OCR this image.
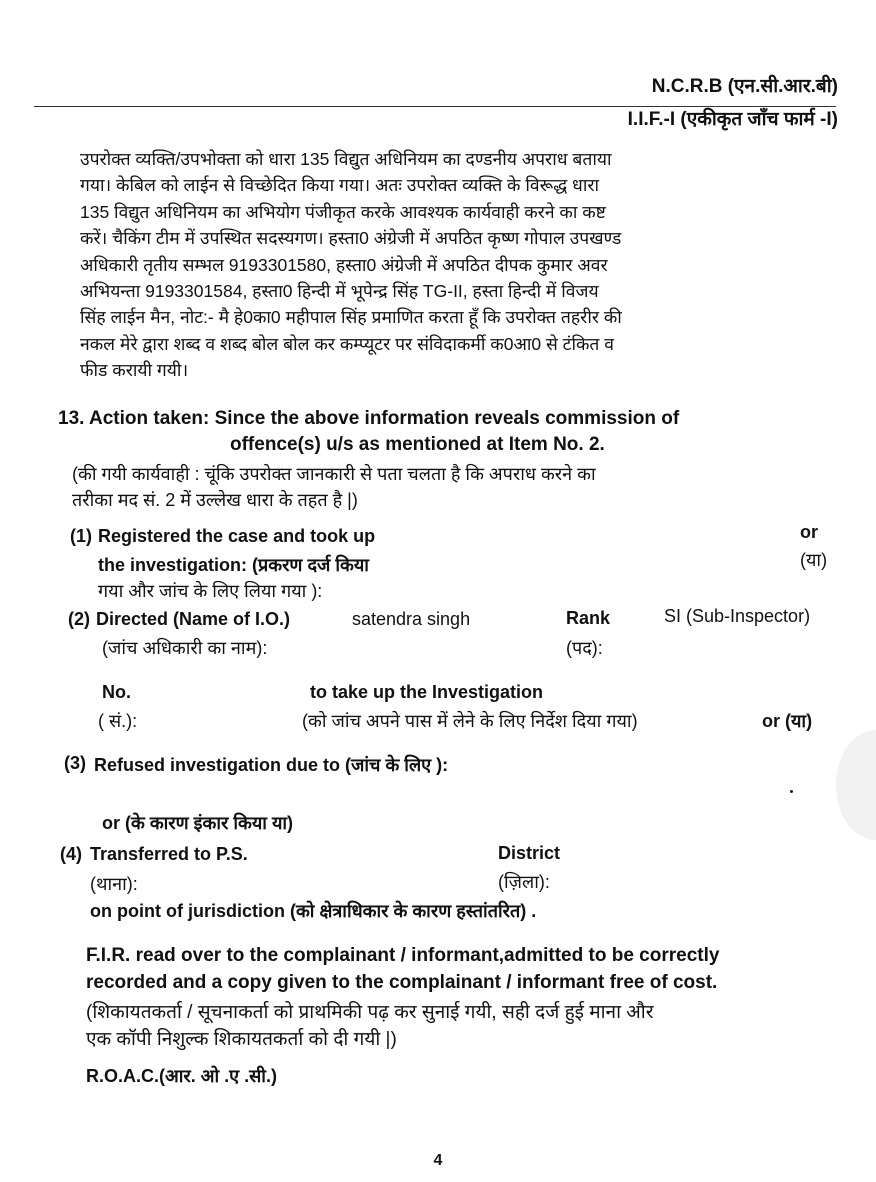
N.C.R.B (एन.सी.आर.बी)
I.I.F.-I (एकीकृत जाँच फार्म -I)
उपरोक्त व्यक्ति/उपभोक्ता को धारा 135 विद्युत अधिनियम का दण्डनीय अपराध बताया
गया। केबिल को लाईन से विच्छेदित किया गया। अतः उपरोक्त व्यक्ति के विरूद्ध धारा
135 विद्युत अधिनियम का अभियोग पंजीकृत करके आवश्यक कार्यवाही करने का कष्ट
करें। चैकिंग टीम में उपस्थित सदस्यगण। हस्ता0 अंग्रेजी में अपठित कृष्ण गोपाल उपखण्ड
अधिकारी तृतीय सम्भल 9193301580, हस्ता0 अंग्रेजी में अपठित दीपक कुमार अवर
अभियन्ता 9193301584, हस्ता0 हिन्दी में भूपेन्द्र सिंह TG-II, हस्ता हिन्दी में विजय
सिंह लाईन मैन, नोट:- मै हे0का0 महीपाल सिंह प्रमाणित करता हूँ कि उपरोक्त तहरीर की
नकल मेरे द्वारा शब्द व शब्द बोल बोल कर कम्प्यूटर पर संविदाकर्मी क0आ0 से टंकित व
फीड करायी गयी।
13. Action taken: Since the above information reveals commission of
offence(s) u/s as mentioned at Item No. 2.
(की गयी कार्यवाही : चूंकि उपरोक्त जानकारी से पता चलता है कि अपराध करने का
तरीका मद सं. 2 में उल्लेख धारा के तहत है |)
(1) Registered the case and took up
the investigation: (प्रकरण दर्ज किया
गया और जांच के लिए लिया गया ):
or
(या)
(2) Directed (Name of I.O.)	satendra singh	Rank	SI (Sub-Inspector)
(जांच अधिकारी का नाम):	(पद):
No.	to take up the Investigation
( सं.):	(को जांच अपने पास में लेने के लिए निर्देश दिया गया)	or (या)
(3) Refused investigation due to (जांच के लिए ):
or (के कारण इंकार किया या)
(4) Transferred to P.S.	District
(थाना):	(ज़िला):
on point of jurisdiction (को क्षेत्राधिकार के कारण हस्तांतरित) .
F.I.R. read over to the complainant / informant,admitted to be correctly
recorded and a copy given to the complainant / informant free of cost.
(शिकायतकर्ता / सूचनाकर्ता को प्राथमिकी पढ़ कर सुनाई गयी, सही दर्ज हुई माना और
एक कॉपी निशुल्क शिकायतकर्ता को दी गयी |)
R.O.A.C.(आर. ओ .ए .सी.)
4
